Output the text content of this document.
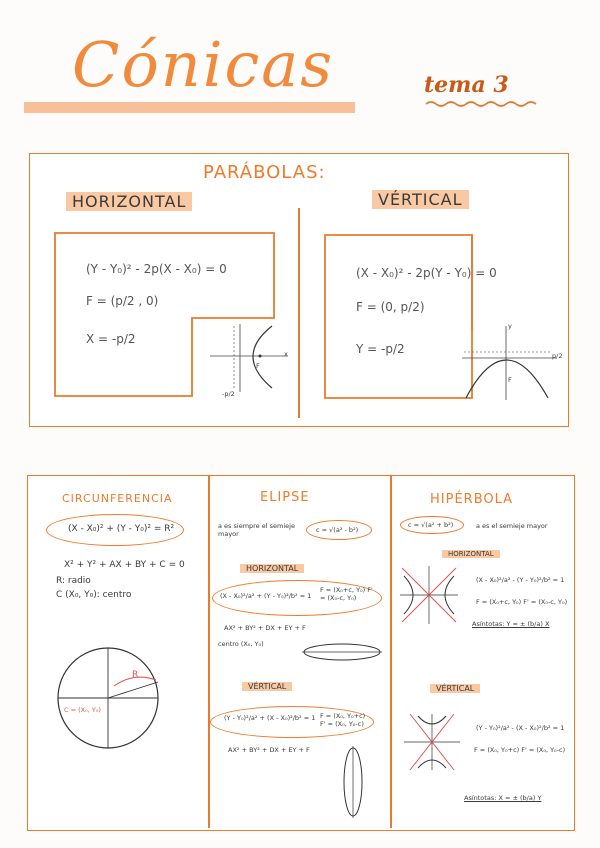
Cónicas	tema 3
PARÁBOLAS:
HORIZONTAL	VÉRTICAL
(Y - Y₀)² - 2p(X - X₀) = 0
F = (p/2 , 0)
X = -p/2
x
F
-p/2
(X - X₀)² - 2p(Y - Y₀) = 0
F = (0, p/2)
Y = -p/2
y
p/2
F
CIRCUNFERENCIA
(X - X₀)² + (Y - Y₀)² = R²
X² + Y² + AX + BY + C = 0
R: radio
C (X₀, Y₀): centro
R
C = (X₀, Y₀)
ELIPSE
a es siempre el semieje mayor	c = √(a² - b²)
HORIZONTAL
(X - X₀)²/a² + (Y - Y₀)²/b² = 1
F = (X₀+c, Y₀) F' = (X₀-c, Y₀)
AX² + BY² + DX + EY + F
centro (X₀, Y₀)
VÉRTICAL
(Y - Y₀)²/a² + (X - X₀)²/b² = 1 F = (X₀, Y₀+c) F' = (X₀, Y₀-c)
AX² + BY² + DX + EY + F
HIPÉRBOLA
c = √(a² + b²)	a es el semieje mayor
HORIZONTAL
(X - X₀)²/a² - (Y - Y₀)²/b² = 1
F = (X₀+c, Y₀) F' = (X₀-c, Y₀)
Asíntotas: Y = ± (b/a) X
VÉRTICAL
(Y - Y₀)²/a² - (X - X₀)²/b² = 1
F = (X₀, Y₀+c) F' = (X₀, Y₀-c)
Asíntotas: X = ± (b/a) Y
